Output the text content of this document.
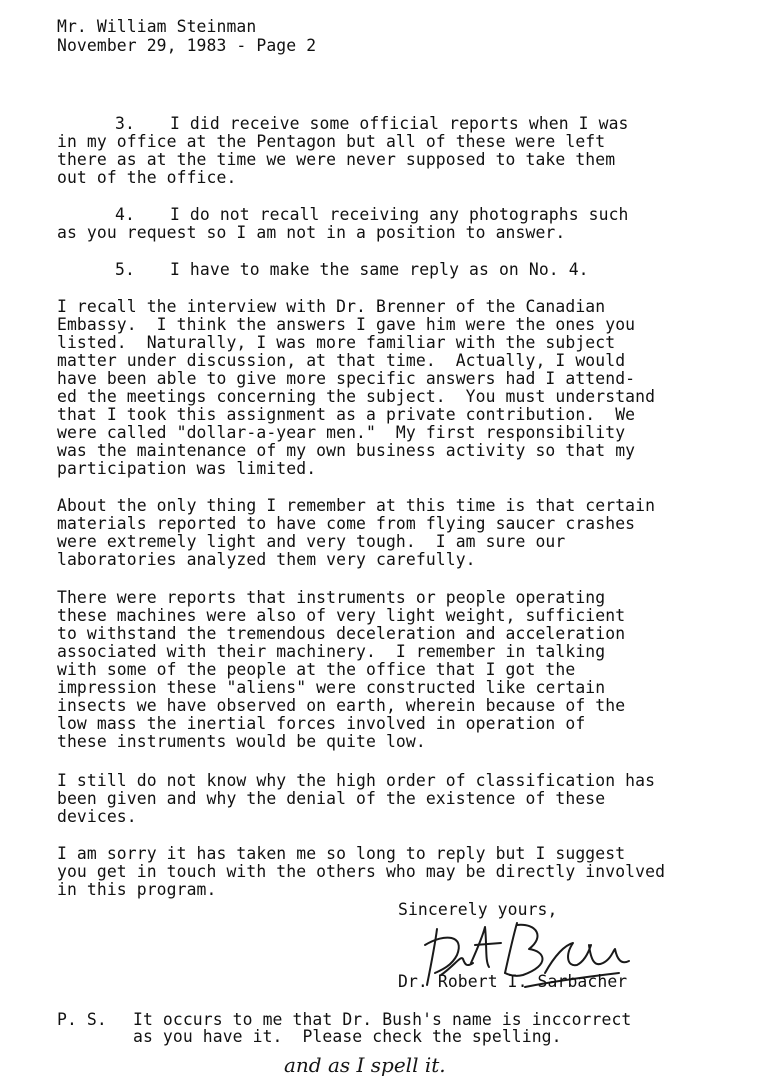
Mr. William Steinman
November 29, 1983 - Page 2
3. I did receive some official reports when I was
in my office at the Pentagon but all of these were left
there as at the time we were never supposed to take them
out of the office.
4. I do not recall receiving any photographs such
as you request so I am not in a position to answer.
5. I have to make the same reply as on No. 4.
I recall the interview with Dr. Brenner of the Canadian
Embassy.  I think the answers I gave him were the ones you
listed.  Naturally, I was more familiar with the subject
matter under discussion, at that time.  Actually, I would
have been able to give more specific answers had I attend-
ed the meetings concerning the subject.  You must understand
that I took this assignment as a private contribution.  We
were called "dollar-a-year men."  My first responsibility
was the maintenance of my own business activity so that my
participation was limited.
About the only thing I remember at this time is that certain
materials reported to have come from flying saucer crashes
were extremely light and very tough.  I am sure our
laboratories analyzed them very carefully.
There were reports that instruments or people operating
these machines were also of very light weight, sufficient
to withstand the tremendous deceleration and acceleration
associated with their machinery.  I remember in talking
with some of the people at the office that I got the
impression these "aliens" were constructed like certain
insects we have observed on earth, wherein because of the
low mass the inertial forces involved in operation of
these instruments would be quite low.
I still do not know why the high order of classification has
been given and why the denial of the existence of these
devices.
I am sorry it has taken me so long to reply but I suggest
you get in touch with the others who may be directly involved
in this program.
Sincerely yours,
Dr. Robert I. Sarbacher
P. S. It occurs to me that Dr. Bush's name is inccorrect
as you have it.  Please check the spelling.
and as I spell it.
